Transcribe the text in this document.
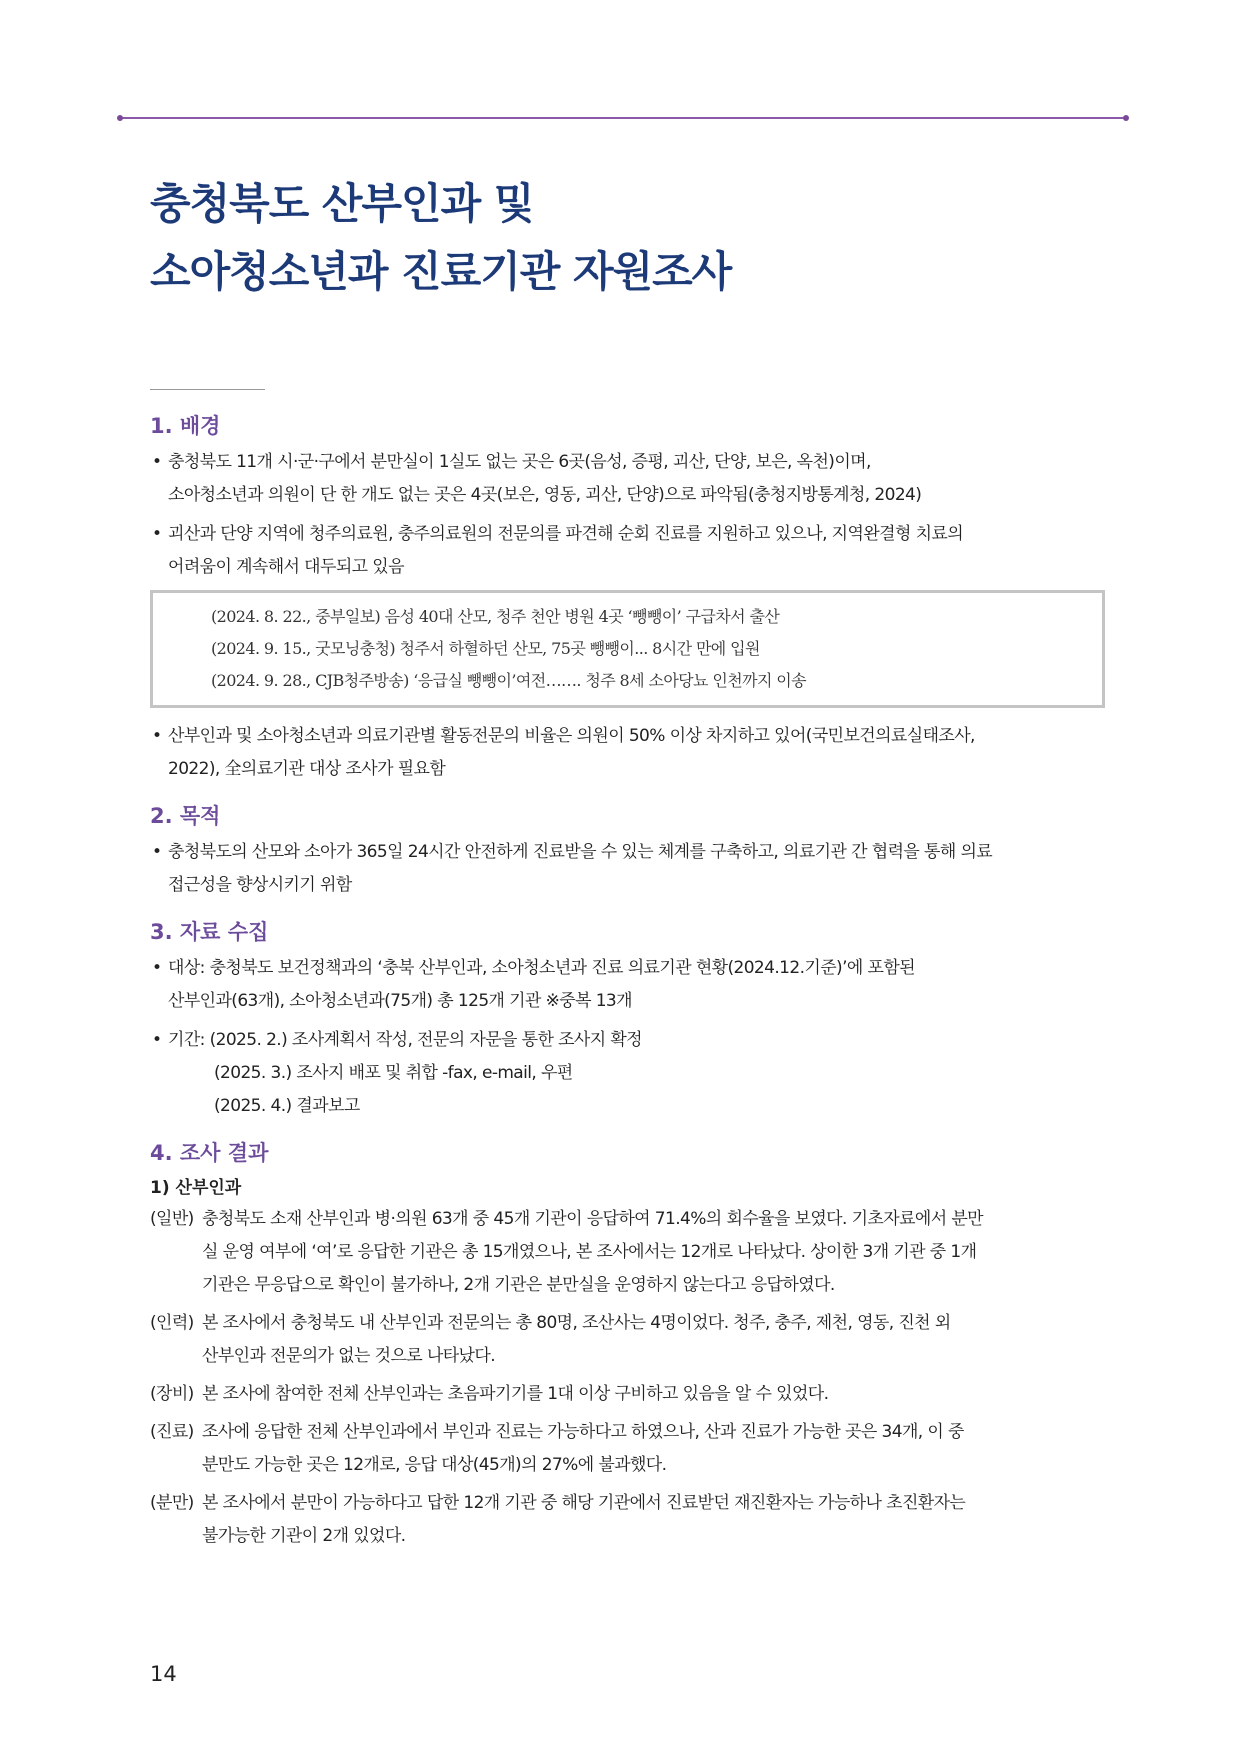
충청북도 산부인과 및
소아청소년과 진료기관 자원조사
1. 배경
• 충청북도 11개 시·군·구에서 분만실이 1실도 없는 곳은 6곳(음성, 증평, 괴산, 단양, 보은, 옥천)이며,
소아청소년과 의원이 단 한 개도 없는 곳은 4곳(보은, 영동, 괴산, 단양)으로 파악됨(충청지방통계청, 2024)
• 괴산과 단양 지역에 청주의료원, 충주의료원의 전문의를 파견해 순회 진료를 지원하고 있으나, 지역완결형 치료의
어려움이 계속해서 대두되고 있음
(2024. 8. 22., 중부일보) 음성 40대 산모, 청주 천안 병원 4곳 ‘뺑뺑이’ 구급차서 출산
(2024. 9. 15., 굿모닝충청) 청주서 하혈하던 산모, 75곳 뺑뺑이... 8시간 만에 입원
(2024. 9. 28., CJB청주방송) ‘응급실 뺑뺑이’여전……. 청주 8세 소아당뇨 인천까지 이송
• 산부인과 및 소아청소년과 의료기관별 활동전문의 비율은 의원이 50% 이상 차지하고 있어(국민보건의료실태조사,
2022), 全의료기관 대상 조사가 필요함
2. 목적
• 충청북도의 산모와 소아가 365일 24시간 안전하게 진료받을 수 있는 체계를 구축하고, 의료기관 간 협력을 통해 의료
접근성을 향상시키기 위함
3. 자료 수집
• 대상: 충청북도 보건정책과의 ‘충북 산부인과, 소아청소년과 진료 의료기관 현황(2024.12.기준)’에 포함된
산부인과(63개), 소아청소년과(75개) 총 125개 기관 ※중복 13개
• 기간: (2025. 2.) 조사계획서 작성, 전문의 자문을 통한 조사지 확정
(2025. 3.) 조사지 배포 및 취합 -fax, e-mail, 우편
(2025. 4.) 결과보고
4. 조사 결과
1) 산부인과
(일반) 충청북도 소재 산부인과 병·의원 63개 중 45개 기관이 응답하여 71.4%의 회수율을 보였다. 기초자료에서 분만
실 운영 여부에 ‘여’로 응답한 기관은 총 15개였으나, 본 조사에서는 12개로 나타났다. 상이한 3개 기관 중 1개
기관은 무응답으로 확인이 불가하나, 2개 기관은 분만실을 운영하지 않는다고 응답하였다.
(인력) 본 조사에서 충청북도 내 산부인과 전문의는 총 80명, 조산사는 4명이었다. 청주, 충주, 제천, 영동, 진천 외
산부인과 전문의가 없는 것으로 나타났다.
(장비) 본 조사에 참여한 전체 산부인과는 초음파기기를 1대 이상 구비하고 있음을 알 수 있었다.
(진료) 조사에 응답한 전체 산부인과에서 부인과 진료는 가능하다고 하였으나, 산과 진료가 가능한 곳은 34개, 이 중
분만도 가능한 곳은 12개로, 응답 대상(45개)의 27%에 불과했다.
(분만) 본 조사에서 분만이 가능하다고 답한 12개 기관 중 해당 기관에서 진료받던 재진환자는 가능하나 초진환자는
불가능한 기관이 2개 있었다.
14
